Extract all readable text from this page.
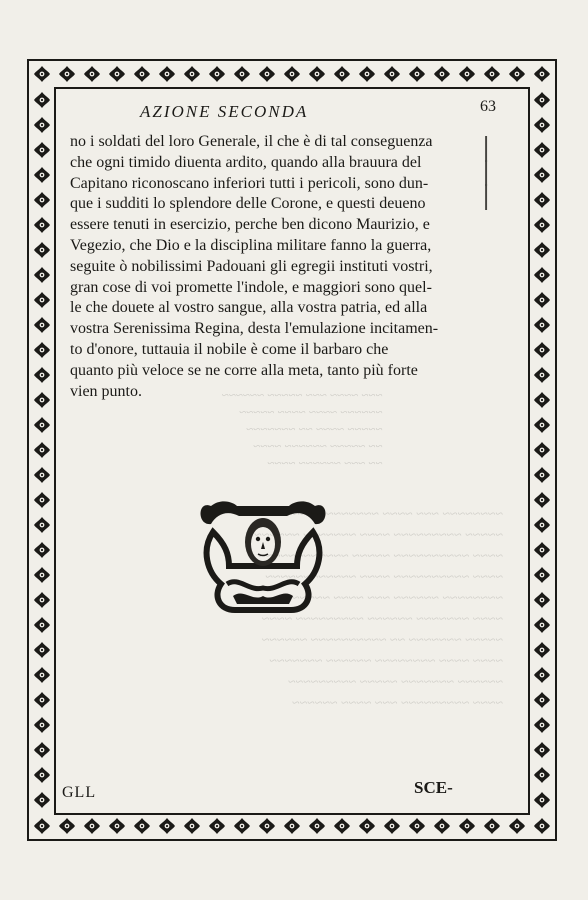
AZIONE SECONDA	63
no i soldati del loro Generale, il che è di tal conseguenza
che ogni timido diuenta ardito, quando alla brauura del
Capitano riconoscano inferiori tutti i pericoli, sono dun-
que i sudditi lo splendore delle Corone, e questi deueno
essere tenuti in esercizio, perche ben dicono Maurizio, e
Vegezio, che Dio e la disciplina militare fanno la guerra,
seguite ò nobilissimi Padouani gli egregii instituti vostri,
gran cose di voi promette l'indole, e maggiori sono quel-
le che douete al vostro sangue, alla vostra patria, ed alla
vostra Serenissima Regina, desta l'emulazione incitamen-
to d'onore, tuttauia il nobile è come il barbaro che
quanto più veloce se ne corre alla meta, tanto più forte
vien punto.
|
|
|
GLL	SCE-
~~~ ~~~~ ~~~ ~~~~~ ~~~~~~
~~~~~~ ~~~~ ~~~~ ~~~~~
~~~~~ ~~~~ ~~ ~~~~~~~
~~ ~~~~~ ~~~~~~ ~~~~
~~ ~~~ ~~~~~~ ~~~~
~~~~~~~~ ~~~ ~~~~ ~~~~~~~~~ ~~~~~ ~~~
~~~~~ ~~~~~~~~~ ~~~~ ~~~~~~~ ~~~~~~
~~~~ ~~~~~~~~~~ ~~~~~ ~~~~~~~~~~~~
~~~~ ~~~~~~~~~~ ~~~~ ~~~~~~~~~~~~
~~~~~~~~ ~~~~~~ ~~~ ~~~~ ~~~~~~
~~~~ ~~~~~~~ ~~~~~~ ~~~~~~~~~ ~~~~
~~~~~ ~~~~~~~ ~~ ~~~~~~~~~~ ~~~~~~
~~~~ ~~~~ ~~~~~~~~ ~~~~~~ ~~~~~~~
~~~~~~ ~~~~~~~ ~~~~~ ~~~~~~~~~
~~~~ ~~~~~~~~~ ~~~ ~~~~ ~~~~~~
